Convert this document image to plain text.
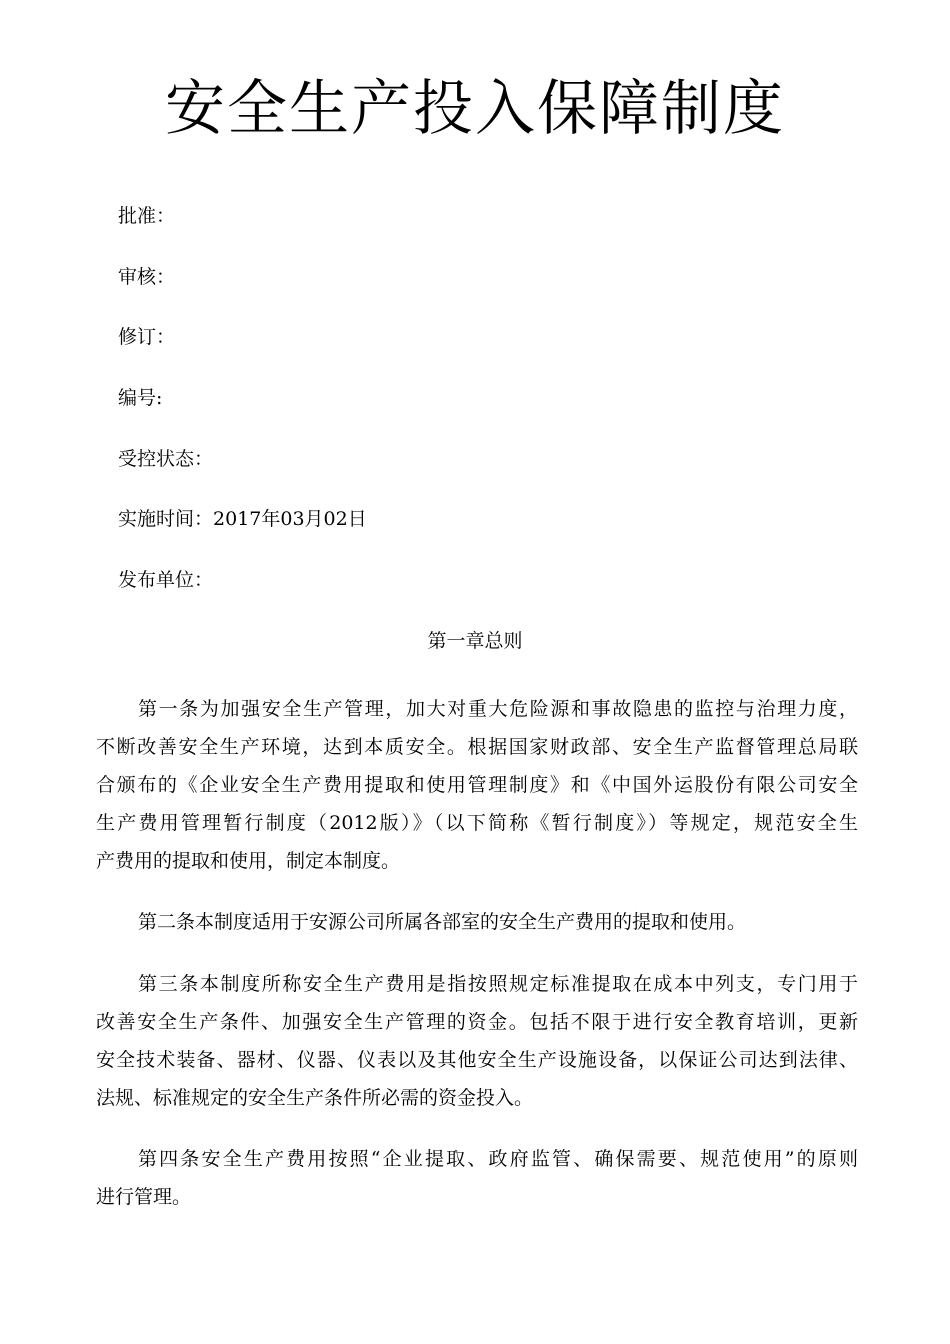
安全生产投入保障制度
批准：
审核：
修订：
编号:
受控状态：
实施时间：2017年03月02日
发布单位：
第一章总则
第一条为加强安全生产管理，加大对重大危险源和事故隐患的监控与治理力度，
不断改善安全生产环境，达到本质安全。根据国家财政部、安全生产监督管理总局联
合颁布的《企业安全生产费用提取和使用管理制度》和《中国外运股份有限公司安全
生产费用管理暂行制度（2012版）》（以下简称《暂行制度》）等规定，规范安全生
产费用的提取和使用，制定本制度。
第二条本制度适用于安源公司所属各部室的安全生产费用的提取和使用。
第三条本制度所称安全生产费用是指按照规定标准提取在成本中列支，专门用于
改善安全生产条件、加强安全生产管理的资金。包括不限于进行安全教育培训，更新
安全技术装备、器材、仪器、仪表以及其他安全生产设施设备，以保证公司达到法律、
法规、标准规定的安全生产条件所必需的资金投入。
第四条安全生产费用按照“企业提取、政府监管、确保需要、规范使用”的原则
进行管理。
